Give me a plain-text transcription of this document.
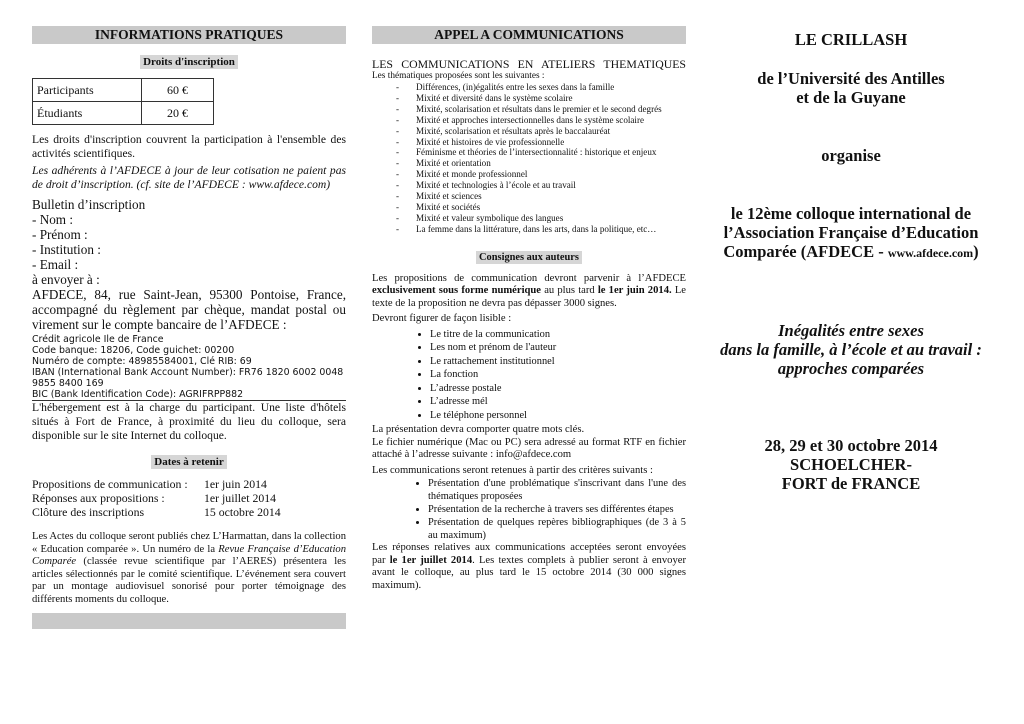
INFORMATIONS PRATIQUES
Droits d'inscription
Participants	60 €
Étudiants	20 €
Les droits d'inscription couvrent la participation à l'ensemble des activités scientifiques.
Les adhérents à l’AFDECE à jour de leur cotisation ne paient pas de droit d’inscription. (cf. site de l’AFDECE : www.afdece.com)
Bulletin d’inscription
- Nom :
- Prénom :
- Institution :
- Email :
à envoyer à :
AFDECE, 84, rue Saint-Jean, 95300 Pontoise, France, accompagné du règlement par chèque, mandat postal ou virement sur le compte bancaire de l’AFDECE :
Crédit agricole Ile de France
Code banque: 18206, Code guichet: 00200
Numéro de compte: 48985584001, Clé RIB: 69
IBAN (International Bank Account Number): FR76 1820 6002 0048 9855 8400 169
BIC (Bank Identification Code): AGRIFRPP882
L'hébergement est à la charge du participant. Une liste d'hôtels situés à Fort de France, à proximité du lieu du colloque, sera disponible sur le site Internet du colloque.
Dates à retenir
Propositions de communication :	1er juin 2014
Réponses aux propositions :	1er juillet 2014
Clôture des inscriptions	15 octobre 2014
Les Actes du colloque seront publiés chez L’Harmattan, dans la collection « Education comparée ». Un numéro de la Revue Française d’Education Comparée (classée revue scientifique par l’AERES) présentera les articles sélectionnés par le comité scientifique. L’événement sera couvert par un montage audiovisuel sonorisé pour porter témoignage des différents moments du colloque.
APPEL A COMMUNICATIONS
LES COMMUNICATIONS EN ATELIERS THEMATIQUES
Les thématiques proposées sont les suivantes :
- Différences, (in)égalités entre les sexes dans la famille
- Mixité et diversité dans le système scolaire
- Mixité, scolarisation et résultats dans le premier et le second degrés
- Mixité et approches intersectionnelles dans le système scolaire
- Mixité, scolarisation et résultats après le baccalauréat
- Mixité et histoires de vie professionnelle
- Féminisme et théories de l’intersectionnalité : historique et enjeux
- Mixité et orientation
- Mixité et monde professionnel
- Mixité et technologies à l’école et au travail
- Mixité et sciences
- Mixité et sociétés
- Mixité et valeur symbolique des langues
- La femme dans la littérature, dans les arts, dans la politique, etc…
Consignes aux auteurs
Les propositions de communication devront parvenir à l’AFDECE exclusivement sous forme numérique au plus tard le 1er juin 2014. Le texte de la proposition ne devra pas dépasser 3000 signes.
Devront figurer de façon lisible :
• Le titre de la communication
• Les nom et prénom de l'auteur
• Le rattachement institutionnel
• La fonction
• L’adresse postale
• L’adresse mél
• Le téléphone personnel
La présentation devra comporter quatre mots clés.
Le fichier numérique (Mac ou PC) sera adressé au format RTF en fichier attaché à l’adresse suivante : info@afdece.com
Les communications seront retenues à partir des critères suivants :
• Présentation d'une problématique s'inscrivant dans l'une des thématiques proposées
• Présentation de la recherche à travers ses différentes étapes
• Présentation de quelques repères bibliographiques (de 3 à 5 au maximum)
Les réponses relatives aux communications acceptées seront envoyées par le 1er juillet 2014. Les textes complets à publier seront à envoyer avant le colloque, au plus tard le 15 octobre 2014 (30 000 signes maximum).
LE CRILLASH
de l’Université des Antilles
et de la Guyane
organise
le 12ème colloque international de
l’Association Française d’Education
Comparée (AFDECE - www.afdece.com)
Inégalités entre sexes
dans la famille, à l’école et au travail :
approches comparées
28, 29 et 30 octobre 2014
SCHOELCHER-
FORT de FRANCE
